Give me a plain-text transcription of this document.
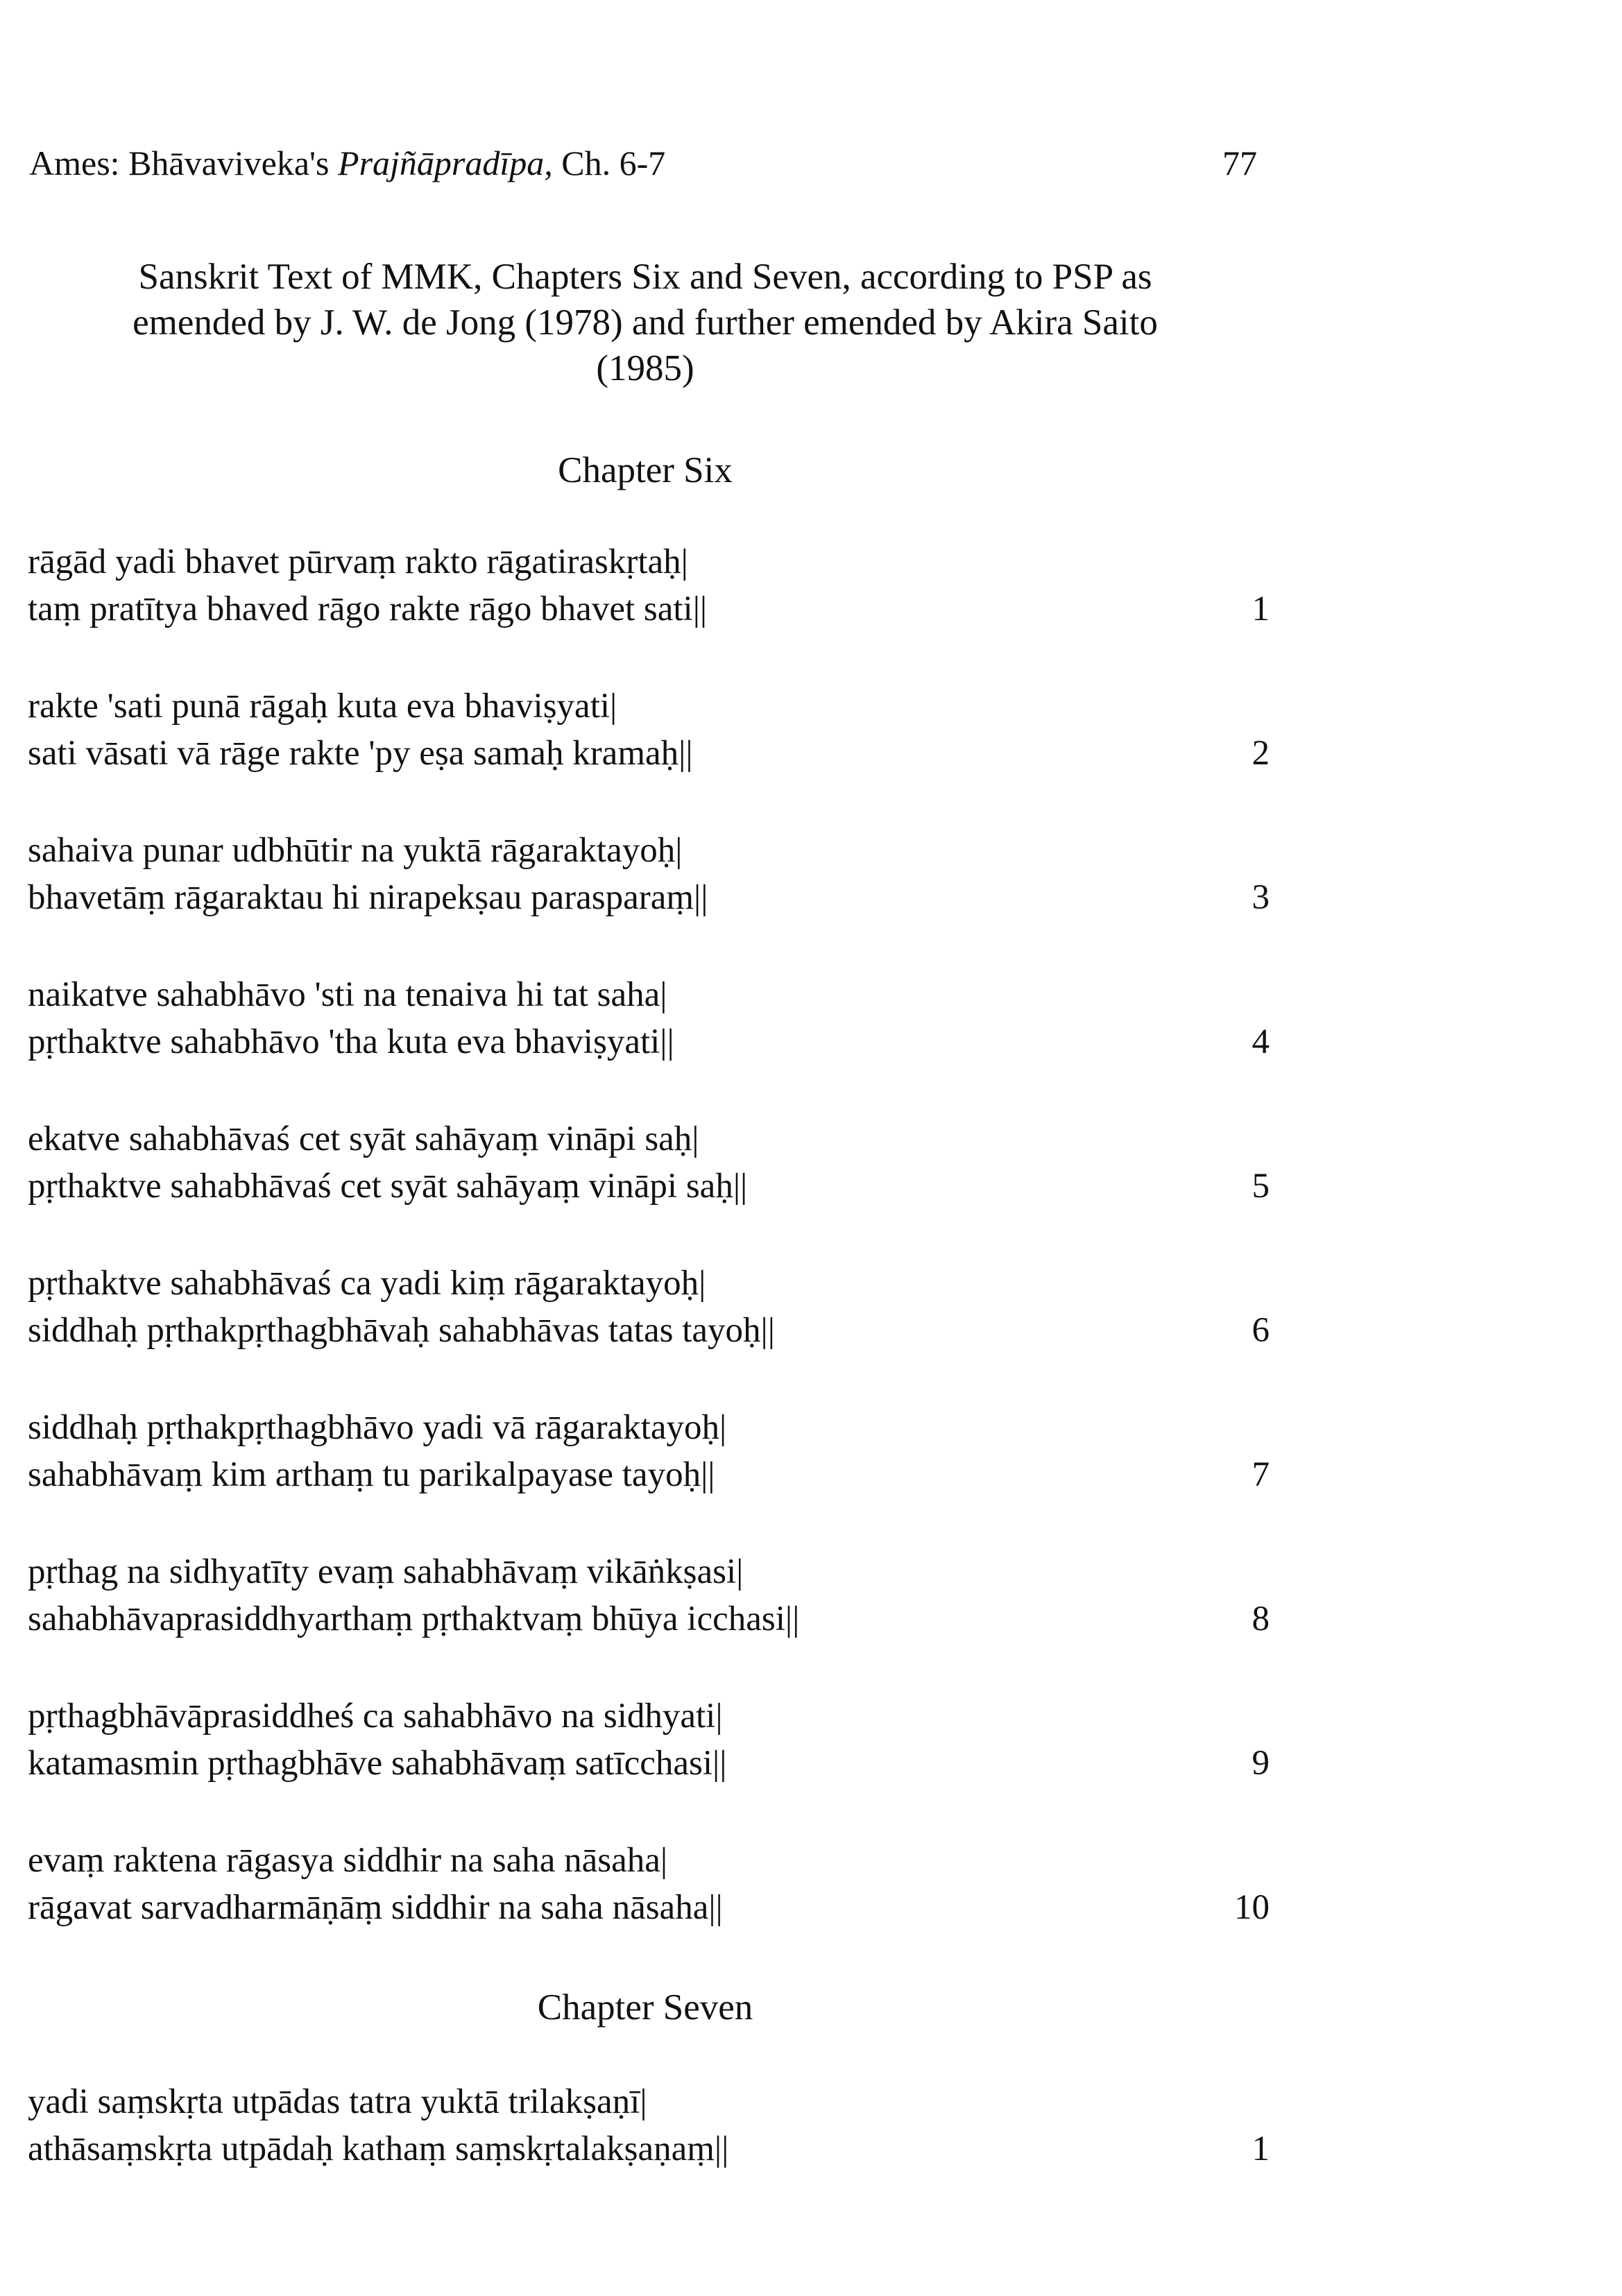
Ames: Bhāvaviveka's Prajñāpradīpa, Ch. 6-7	77
Sanskrit Text of MMK, Chapters Six and Seven, according to PSP as
emended by J. W. de Jong (1978) and further emended by Akira Saito
(1985)
Chapter Six
rāgād yadi bhavet pūrvaṃ rakto rāgatiraskṛtaḥ|
taṃ pratītya bhaved rāgo rakte rāgo bhavet sati||	1
rakte 'sati punā rāgaḥ kuta eva bhaviṣyati|
sati vāsati vā rāge rakte 'py eṣa samaḥ kramaḥ||	2
sahaiva punar udbhūtir na yuktā rāgaraktayoḥ|
bhavetāṃ rāgaraktau hi nirapekṣau parasparaṃ||	3
naikatve sahabhāvo 'sti na tenaiva hi tat saha|
pṛthaktve sahabhāvo 'tha kuta eva bhaviṣyati||	4
ekatve sahabhāvaś cet syāt sahāyaṃ vināpi saḥ|
pṛthaktve sahabhāvaś cet syāt sahāyaṃ vināpi saḥ||	5
pṛthaktve sahabhāvaś ca yadi kiṃ rāgaraktayoḥ|
siddhaḥ pṛthakpṛthagbhāvaḥ sahabhāvas tatas tayoḥ||	6
siddhaḥ pṛthakpṛthagbhāvo yadi vā rāgaraktayoḥ|
sahabhāvaṃ kim arthaṃ tu parikalpayase tayoḥ||	7
pṛthag na sidhyatīty evaṃ sahabhāvaṃ vikāṅkṣasi|
sahabhāvaprasiddhyarthaṃ pṛthaktvaṃ bhūya icchasi||	8
pṛthagbhāvāprasiddheś ca sahabhāvo na sidhyati|
katamasmin pṛthagbhāve sahabhāvaṃ satīcchasi||	9
evaṃ raktena rāgasya siddhir na saha nāsaha|
rāgavat sarvadharmāṇāṃ siddhir na saha nāsaha||	10
Chapter Seven
yadi saṃskṛta utpādas tatra yuktā trilakṣaṇī|
athāsaṃskṛta utpādaḥ kathaṃ saṃskṛtalakṣaṇaṃ||	1
